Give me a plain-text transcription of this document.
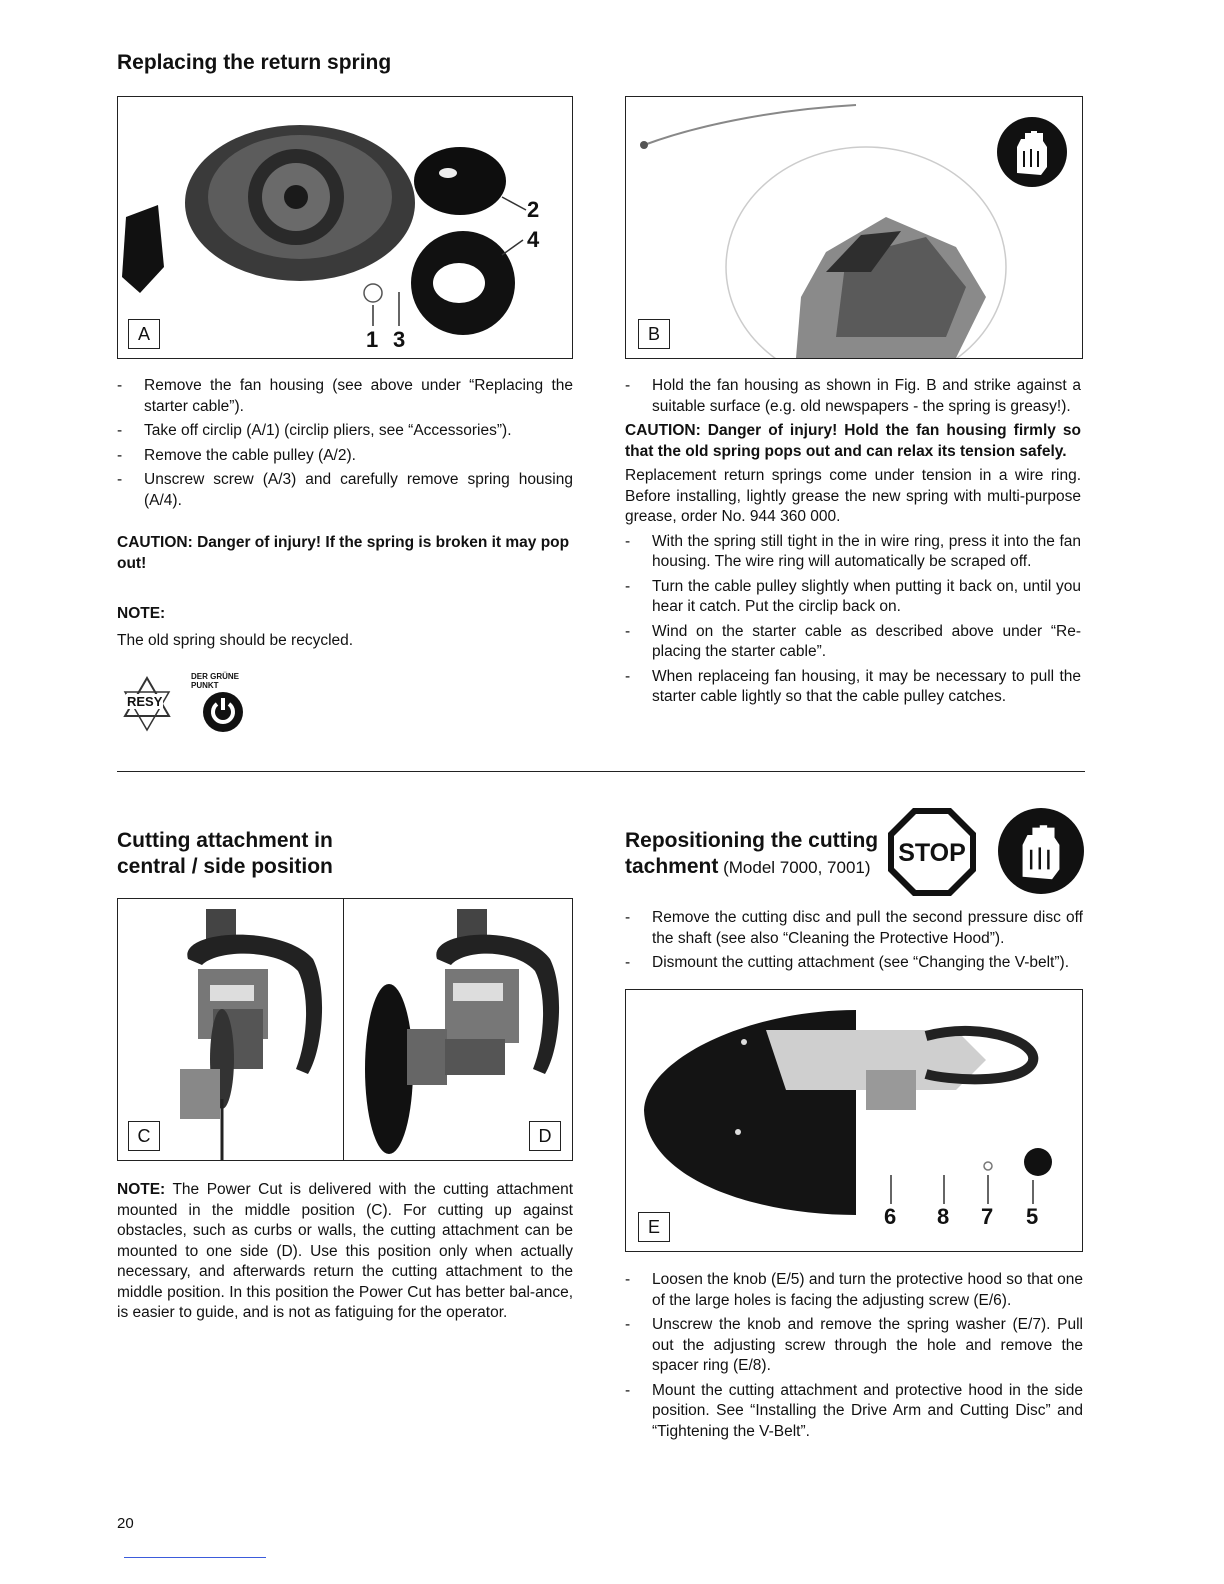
Replacing the return spring
2
4
1 3
A	B
- Remove the fan housing (see above under “Replacing the starter cable”).
- Take off circlip (A/1) (circlip pliers, see “Accessories”).
- Remove the cable pulley (A/2).
- Unscrew screw (A/3) and carefully remove spring housing (A/4).

CAUTION: Danger of injury! If the spring is broken it may pop out!

NOTE:

The old spring should be recycled.

RESY
DER GRÜNE PUNKT
- Hold the fan housing as shown in Fig. B and strike against a suitable surface (e.g. old newspapers - the spring is greasy!).

CAUTION: Danger of injury! Hold the fan housing firmly so that the old spring pops out and can relax its tension safely.

Replacement return springs come under tension in a wire ring. Before installing, lightly grease the new spring with multi-purpose grease, order No. 944 360 000.

- With the spring still tight in the in wire ring, press it into the fan housing. The wire ring will automatically be scraped off.
- Turn the cable pulley slightly when putting it back on, until you hear it catch. Put the circlip back on.
- Wind on the starter cable as described above under “Re-placing the starter cable”.
- When replaceing fan housing, it may be necessary to pull the starter cable lightly so that the cable pulley catches.
Cutting attachment in
central / side position
C	D
NOTE: The Power Cut is delivered with the cutting attachment mounted in the middle position (C). For cutting up against obstacles, such as curbs or walls, the cutting attachment can be mounted to one side (D). Use this position only when actually necessary, and afterwards return the cutting attachment to the middle position. In this position the Power Cut has better bal-ance, is easier to guide, and is not as fatiguing for the operator.
Repositioning the cutting
tachment (Model 7000, 7001)
STOP
- Remove the cutting disc and pull the second pressure disc off the shaft (see also “Cleaning the Protective Hood”).
- Dismount the cutting attachment (see “Changing the V-belt”).
6 8 7 5
E
- Loosen the knob (E/5) and turn the protective hood so that one of the large holes is facing the adjusting screw (E/6).
- Unscrew the knob and remove the spring washer (E/7). Pull out the adjusting screw through the hole and remove the spacer ring (E/8).
- Mount the cutting attachment and protective hood in the side position. See “Installing the Drive Arm and Cutting Disc” and “Tightening the V-Belt”.
20
